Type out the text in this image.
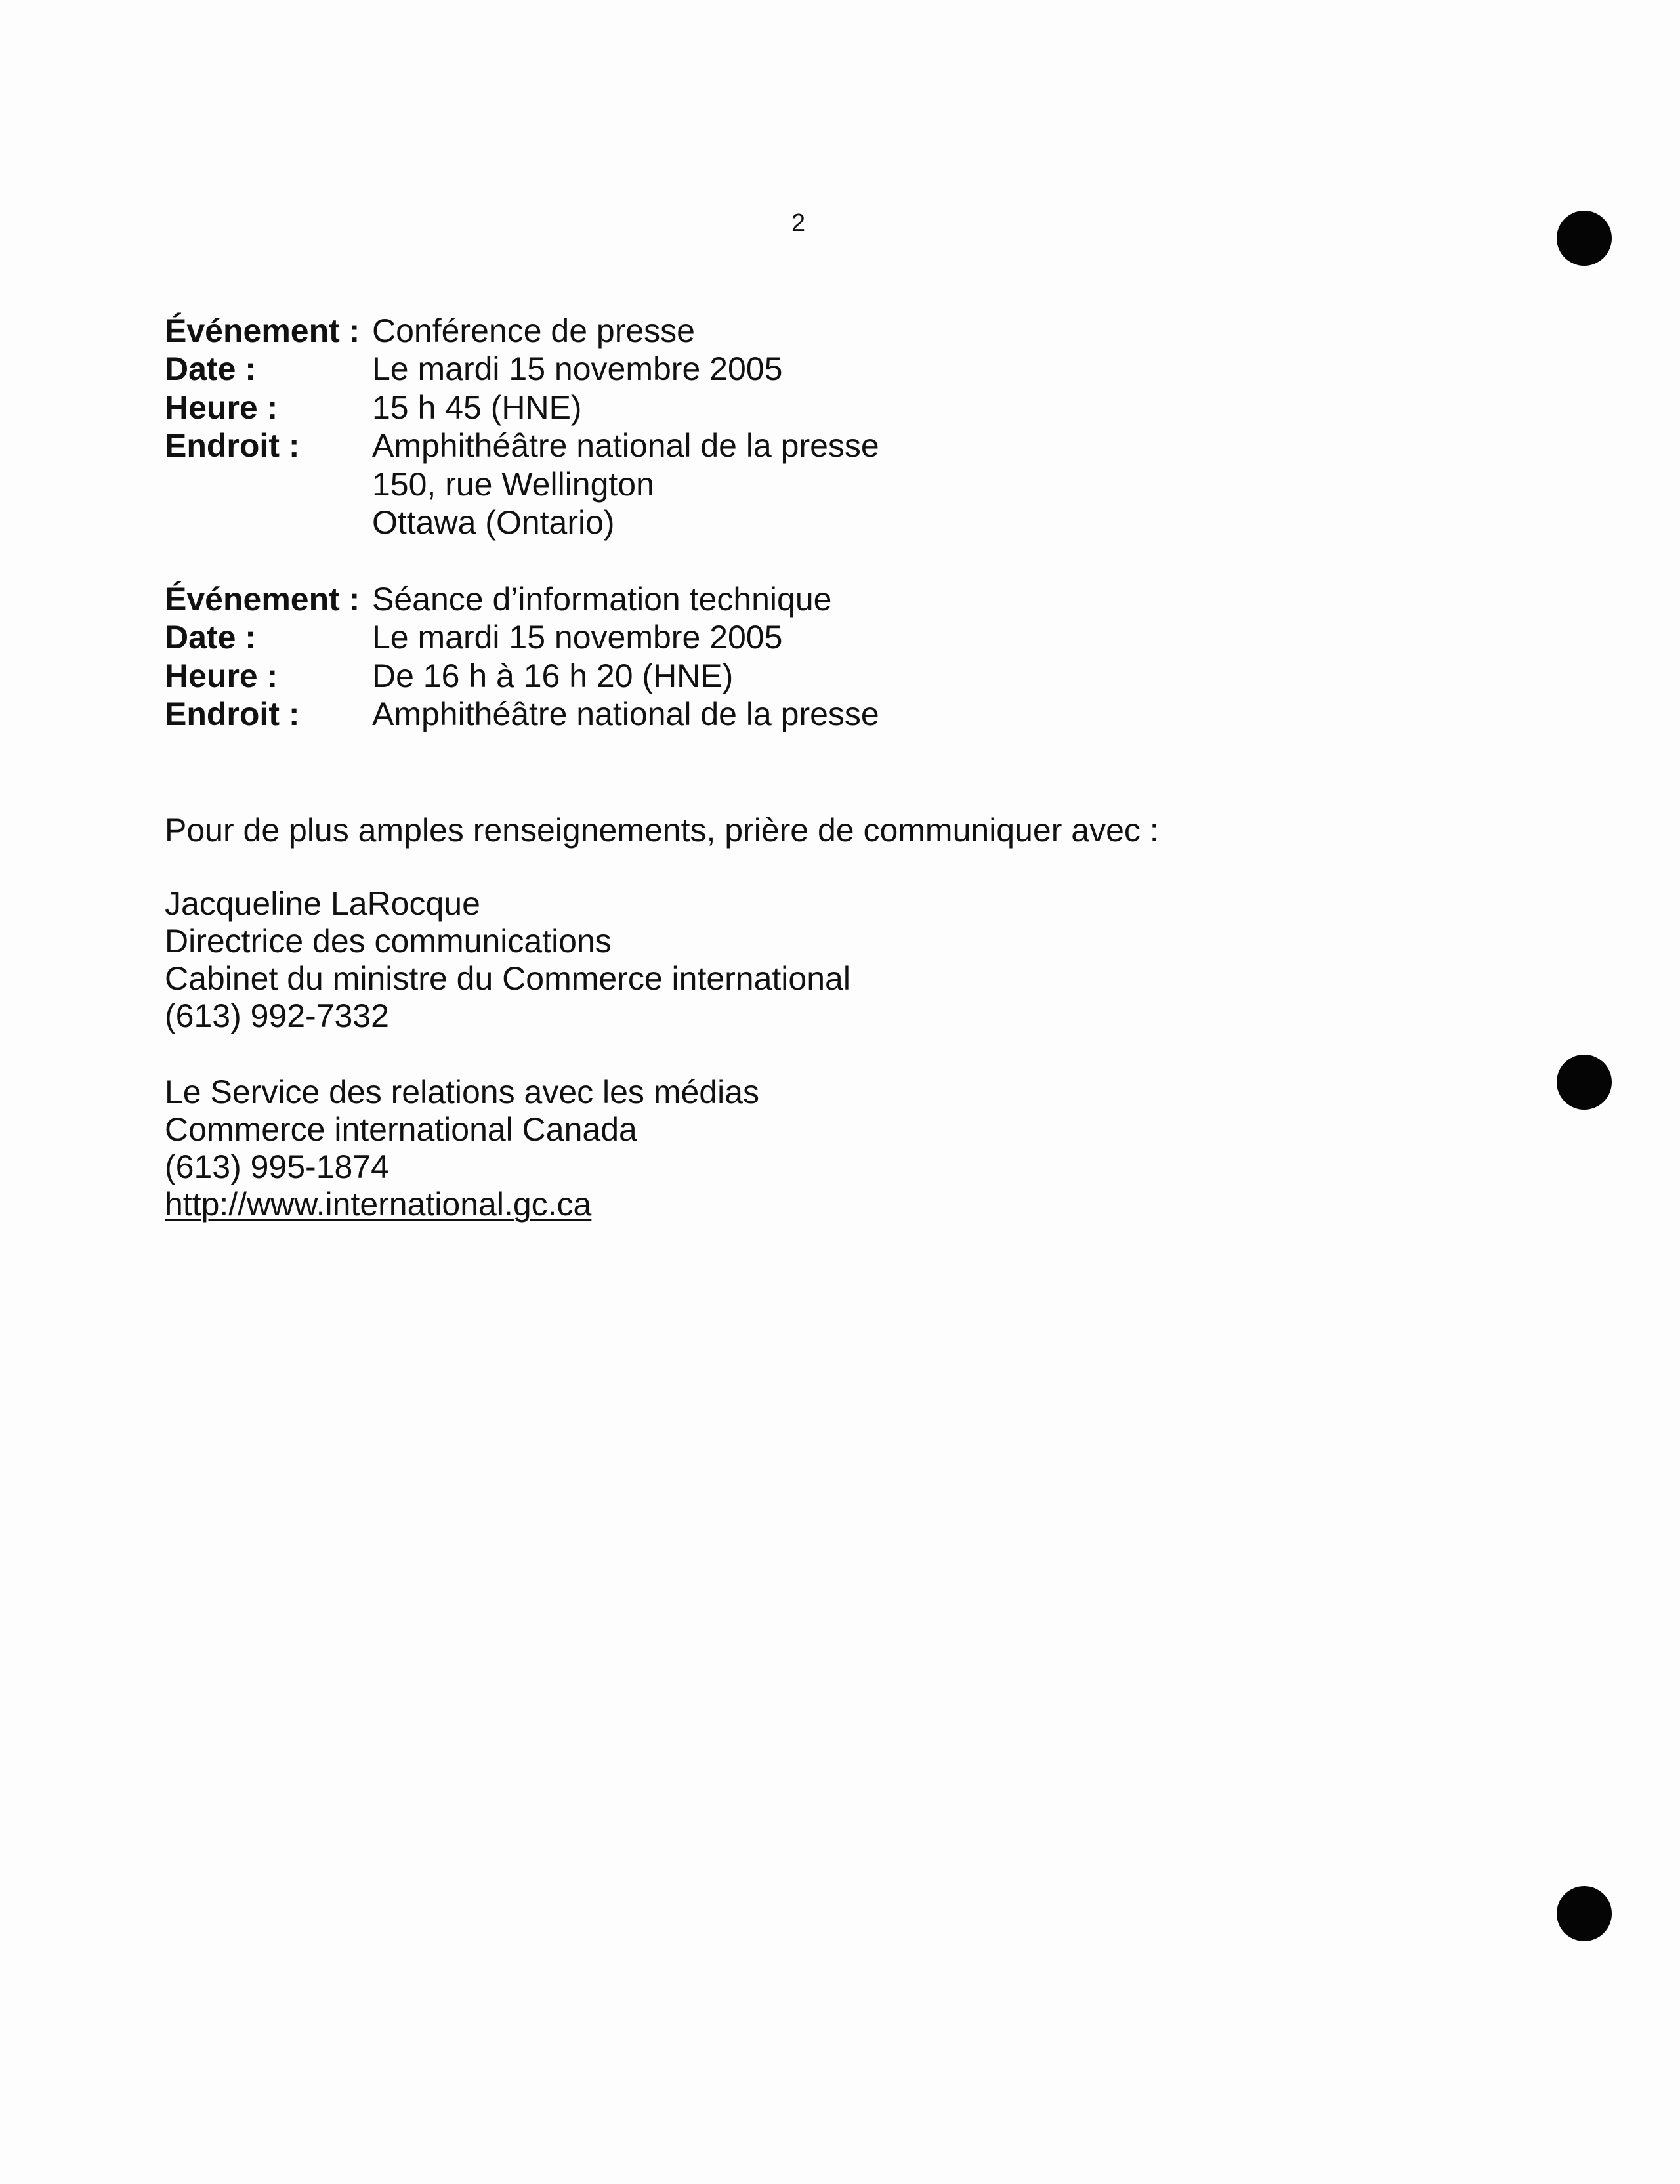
2
Événement : Conférence de presse
Date :	Le mardi 15 novembre 2005
Heure :	15 h 45 (HNE)
Endroit :	Amphithéâtre national de la presse
150, rue Wellington
Ottawa (Ontario)
Événement : Séance d’information technique
Date :	Le mardi 15 novembre 2005
Heure :	De 16 h à 16 h 20 (HNE)
Endroit :	Amphithéâtre national de la presse
Pour de plus amples renseignements, prière de communiquer avec :
Jacqueline LaRocque
Directrice des communications
Cabinet du ministre du Commerce international
(613) 992-7332
Le Service des relations avec les médias
Commerce international Canada
(613) 995-1874
http://www.international.gc.ca
